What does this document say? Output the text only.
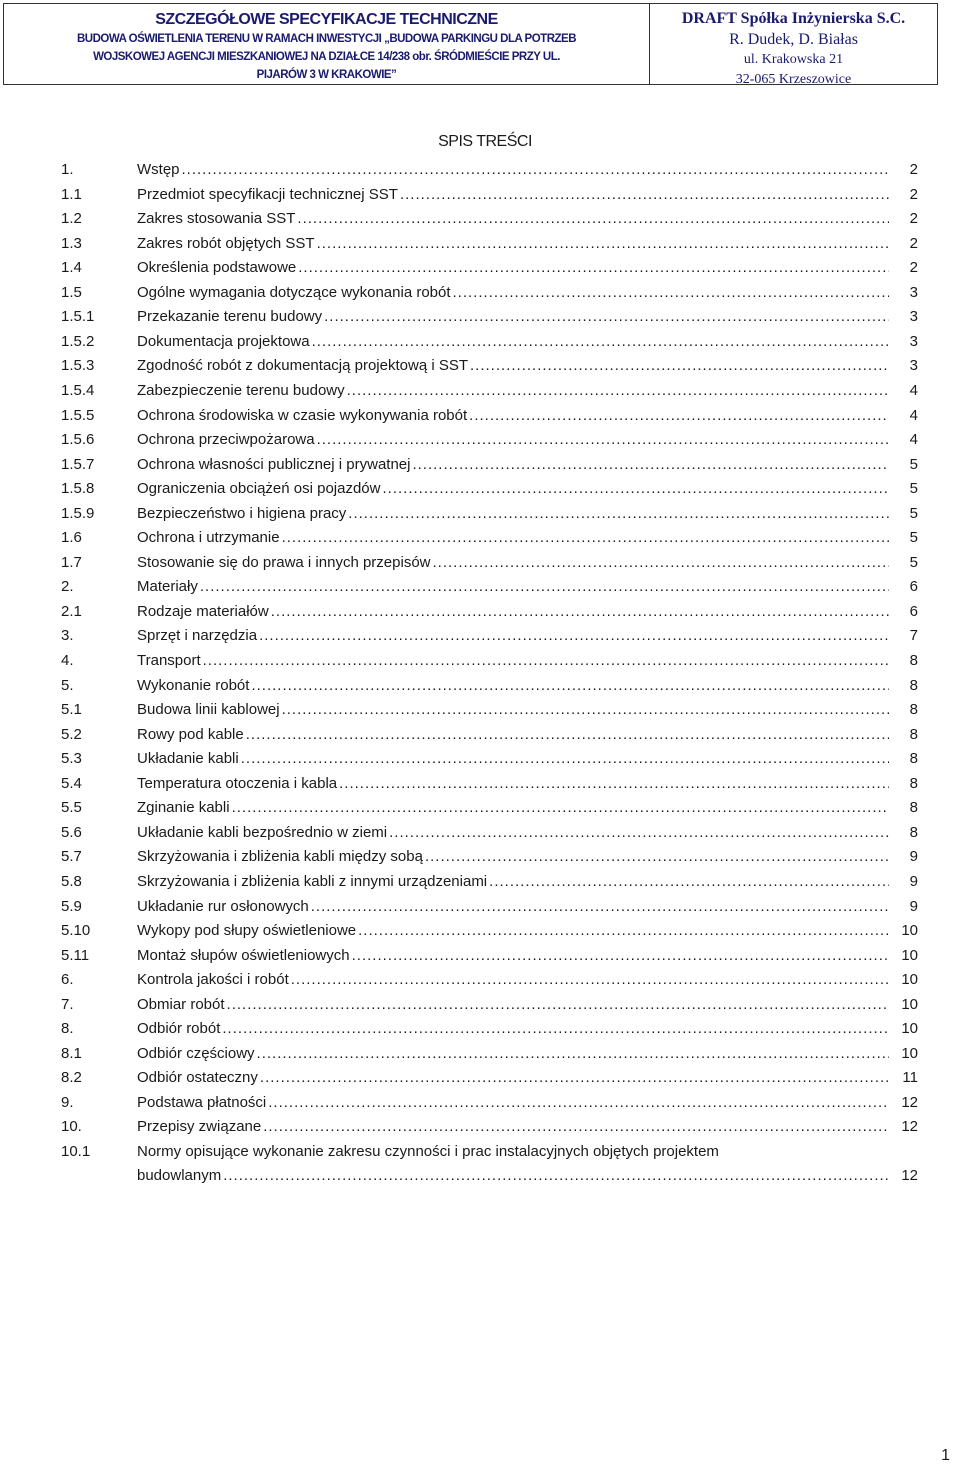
SZCZEGÓŁOWE SPECYFIKACJE TECHNICZNE
BUDOWA OŚWIETLENIA TERENU W RAMACH INWESTYCJI „BUDOWA PARKINGU DLA POTRZEB
WOJSKOWEJ AGENCJI MIESZKANIOWEJ NA DZIAŁCE 14/238 obr. ŚRÓDMIEŚCIE PRZY UL.
PIJARÓW 3 W KRAKOWIE”
DRAFT Spółka Inżynierska S.C.
R. Dudek, D. Białas
ul. Krakowska 21
32-065 Krzeszowice
SPIS TREŚCI
1.	Wstęp .....	2
1.1	Przedmiot specyfikacji technicznej SST .....	2
1.2	Zakres stosowania SST .....	2
1.3	Zakres robót objętych SST .....	2
1.4	Określenia podstawowe .....	2
1.5	Ogólne wymagania dotyczące wykonania robót .....	3
1.5.1	Przekazanie terenu budowy .....	3
1.5.2	Dokumentacja projektowa .....	3
1.5.3	Zgodność robót z dokumentacją projektową i SST .....	3
1.5.4	Zabezpieczenie terenu budowy .....	4
1.5.5	Ochrona środowiska w czasie wykonywania robót .....	4
1.5.6	Ochrona przeciwpożarowa .....	4
1.5.7	Ochrona własności publicznej i prywatnej .....	5
1.5.8	Ograniczenia obciążeń osi pojazdów .....	5
1.5.9	Bezpieczeństwo i higiena pracy .....	5
1.6	Ochrona i utrzymanie .....	5
1.7	Stosowanie się do prawa i innych przepisów .....	5
2.	Materiały .....	6
2.1	Rodzaje materiałów .....	6
3.	Sprzęt i narzędzia .....	7
4.	Transport .....	8
5.	Wykonanie robót .....	8
5.1	Budowa linii kablowej .....	8
5.2	Rowy pod kable .....	8
5.3	Układanie kabli .....	8
5.4	Temperatura otoczenia i kabla .....	8
5.5	Zginanie kabli .....	8
5.6	Układanie kabli bezpośrednio w ziemi .....	8
5.7	Skrzyżowania i zbliżenia kabli między sobą .....	9
5.8	Skrzyżowania i zbliżenia kabli z innymi urządzeniami .....	9
5.9	Układanie rur osłonowych .....	9
5.10	Wykopy pod słupy oświetleniowe .....	10
5.11	Montaż słupów oświetleniowych .....	10
6.	Kontrola jakości i robót .....	10
7.	Obmiar robót .....	10
8.	Odbiór robót .....	10
8.1	Odbiór częściowy .....	10
8.2	Odbiór ostateczny .....	11
9.	Podstawa płatności .....	12
10.	Przepisy związane .....	12
10.1	Normy opisujące wykonanie zakresu czynności i prac instalacyjnych objętych projektem
budowlanym .....	12
1
